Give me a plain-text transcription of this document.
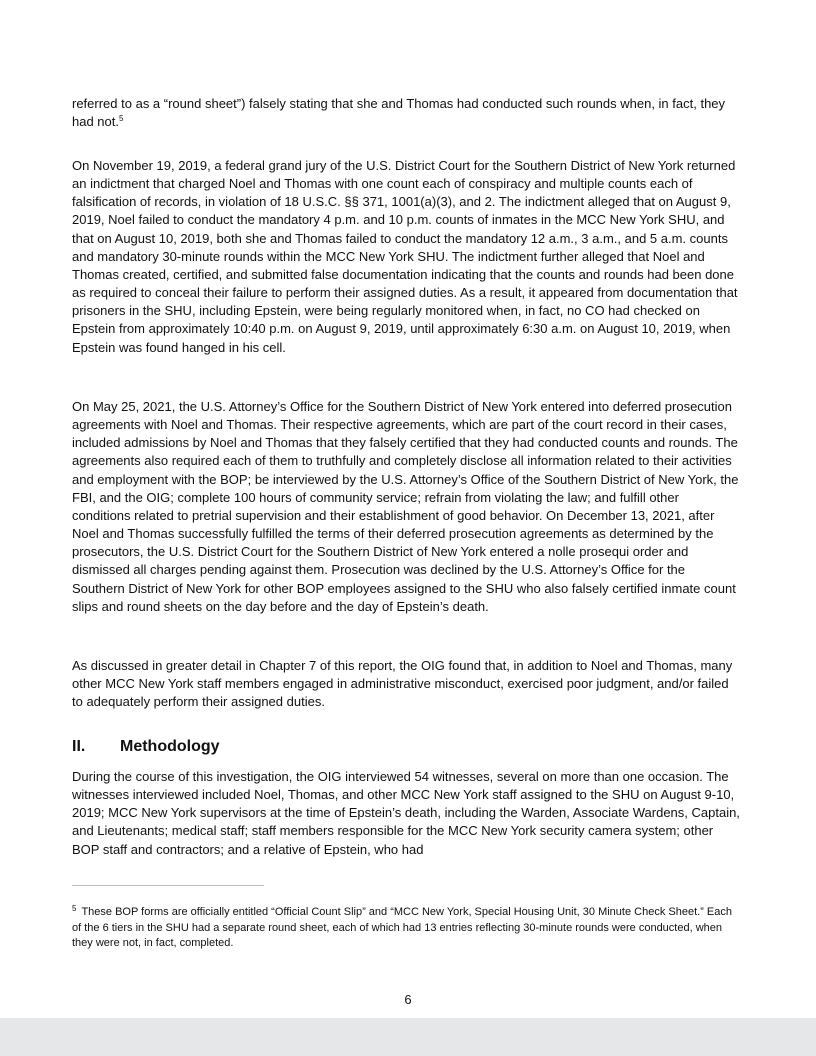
referred to as a “round sheet”) falsely stating that she and Thomas had conducted such rounds when, in fact, they had not.$^5$

On November 19, 2019, a federal grand jury of the U.S. District Court for the Southern District of New York returned an indictment that charged Noel and Thomas with one count each of conspiracy and multiple counts each of falsification of records, in violation of 18 U.S.C. §§ 371, 1001(a)(3), and 2. The indictment alleged that on August 9, 2019, Noel failed to conduct the mandatory 4 p.m. and 10 p.m. counts of inmates in the MCC New York SHU, and that on August 10, 2019, both she and Thomas failed to conduct the mandatory 12 a.m., 3 a.m., and 5 a.m. counts and mandatory 30-minute rounds within the MCC New York SHU. The indictment further alleged that Noel and Thomas created, certified, and submitted false documentation indicating that the counts and rounds had been done as required to conceal their failure to perform their assigned duties. As a result, it appeared from documentation that prisoners in the SHU, including Epstein, were being regularly monitored when, in fact, no CO had checked on Epstein from approximately 10:40 p.m. on August 9, 2019, until approximately 6:30 a.m. on August 10, 2019, when Epstein was found hanged in his cell.

On May 25, 2021, the U.S. Attorney’s Office for the Southern District of New York entered into deferred prosecution agreements with Noel and Thomas. Their respective agreements, which are part of the court record in their cases, included admissions by Noel and Thomas that they falsely certified that they had conducted counts and rounds. The agreements also required each of them to truthfully and completely disclose all information related to their activities and employment with the BOP; be interviewed by the U.S. Attorney’s Office of the Southern District of New York, the FBI, and the OIG; complete 100 hours of community service; refrain from violating the law; and fulfill other conditions related to pretrial supervision and their establishment of good behavior. On December 13, 2021, after Noel and Thomas successfully fulfilled the terms of their deferred prosecution agreements as determined by the prosecutors, the U.S. District Court for the Southern District of New York entered a nolle prosequi order and dismissed all charges pending against them. Prosecution was declined by the U.S. Attorney’s Office for the Southern District of New York for other BOP employees assigned to the SHU who also falsely certified inmate count slips and round sheets on the day before and the day of Epstein’s death.

As discussed in greater detail in Chapter 7 of this report, the OIG found that, in addition to Noel and Thomas, many other MCC New York staff members engaged in administrative misconduct, exercised poor judgment, and/or failed to adequately perform their assigned duties.

II. Methodology

During the course of this investigation, the OIG interviewed 54 witnesses, several on more than one occasion. The witnesses interviewed included Noel, Thomas, and other MCC New York staff assigned to the SHU on August 9-10, 2019; MCC New York supervisors at the time of Epstein’s death, including the Warden, Associate Wardens, Captain, and Lieutenants; medical staff; staff members responsible for the MCC New York security camera system; other BOP staff and contractors; and a relative of Epstein, who had

$^5$ These BOP forms are officially entitled “Official Count Slip” and “MCC New York, Special Housing Unit, 30 Minute Check Sheet.” Each of the 6 tiers in the SHU had a separate round sheet, each of which had 13 entries reflecting 30-minute rounds were conducted, when they were not, in fact, completed.

6
